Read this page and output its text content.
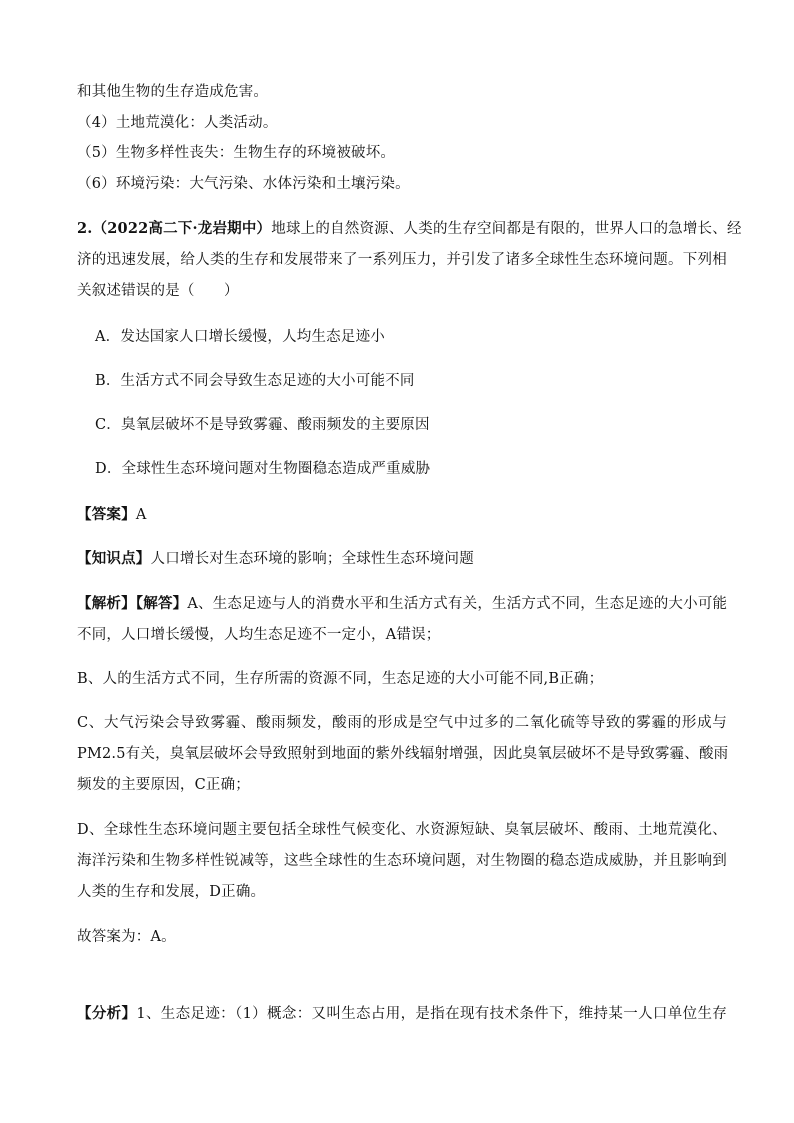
和其他生物的生存造成危害。
（4）土地荒漠化：人类活动。
（5）生物多样性丧失：生物生存的环境被破坏。
（6）环境污染：大气污染、水体污染和土壤污染。
2.（2022高二下·龙岩期中）地球上的自然资源、人类的生存空间都是有限的，世界人口的急增长、经
济的迅速发展，给人类的生存和发展带来了一系列压力，并引发了诸多全球性生态环境问题。下列相
关叙述错误的是（　　）
A．发达国家人口增长缓慢，人均生态足迹小
B．生活方式不同会导致生态足迹的大小可能不同
C．臭氧层破坏不是导致雾霾、酸雨频发的主要原因
D．全球性生态环境问题对生物圈稳态造成严重威胁
【答案】A
【知识点】人口增长对生态环境的影响；全球性生态环境问题
【解析】【解答】A、生态足迹与人的消费水平和生活方式有关，生活方式不同，生态足迹的大小可能
不同，人口增长缓慢，人均生态足迹不一定小，A错误；
B、人的生活方式不同，生存所需的资源不同，生态足迹的大小可能不同,B正确；
C、大气污染会导致雾霾、酸雨频发，酸雨的形成是空气中过多的二氧化硫等导致的雾霾的形成与
PM2.5有关，臭氧层破坏会导致照射到地面的紫外线辐射增强，因此臭氧层破坏不是导致雾霾、酸雨
频发的主要原因，C正确；
D、全球性生态环境问题主要包括全球性气候变化、水资源短缺、臭氧层破坏、酸雨、土地荒漠化、
海洋污染和生物多样性锐减等，这些全球性的生态环境问题，对生物圈的稳态造成威胁，并且影响到
人类的生存和发展，D正确。
故答案为：A。
【分析】1、生态足迹：（1）概念：又叫生态占用，是指在现有技术条件下，维持某一人口单位生存
